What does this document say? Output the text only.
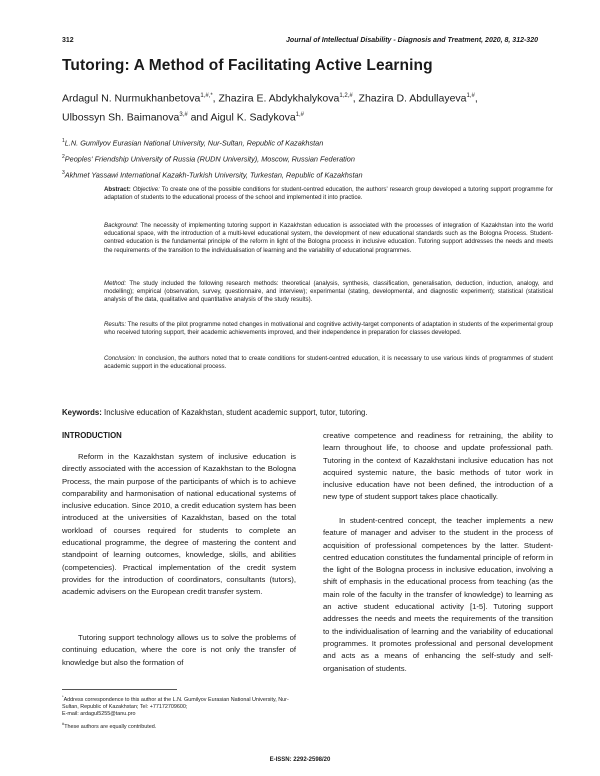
312	Journal of Intellectual Disability - Diagnosis and Treatment, 2020, 8, 312-320
Tutoring: A Method of Facilitating Active Learning
Ardagul N. Nurmukhanbetova$^{1,\#,*}$, Zhazira E. Abdykhalykova$^{1,2,\#}$, Zhazira D. Abdullayeva$^{1,\#}$,
Ulbossyn Sh. Baimanova$^{3,\#}$ and Aigul K. Sadykova$^{1,\#}$
$^1$L.N. Gumilyov Eurasian National University, Nur-Sultan, Republic of Kazakhstan
$^2$Peoples' Friendship University of Russia (RUDN University), Moscow, Russian Federation
$^3$Akhmet Yassawi International Kazakh-Turkish University, Turkestan, Republic of Kazakhstan
Abstract: Objective: To create one of the possible conditions for student-centred education, the authors' research group developed a tutoring support programme for adaptation of students to the educational process of the school and implemented it into practice.
Background: The necessity of implementing tutoring support in Kazakhstan education is associated with the processes of integration of Kazakhstan into the world educational space, with the introduction of a multi-level educational system, the development of new educational standards such as the Bologna Process. Student-centred education is the fundamental principle of the reform in light of the Bologna process in inclusive education. Tutoring support addresses the needs and meets the requirements of the transition to the individualisation of learning and the variability of educational programmes.
Method: The study included the following research methods: theoretical (analysis, synthesis, classification, generalisation, deduction, induction, analogy, and modelling); empirical (observation, survey, questionnaire, and interview); experimental (stating, developmental, and diagnostic experiment); statistical (statistical analysis of the data, qualitative and quantitative analysis of the study results).
Results: The results of the pilot programme noted changes in motivational and cognitive activity-target components of adaptation in students of the experimental group who received tutoring support, their academic achievements improved, and their independence in preparation for classes developed.
Conclusion: In conclusion, the authors noted that to create conditions for student-centred education, it is necessary to use various kinds of programmes of student academic support in the educational process.
Keywords: Inclusive education of Kazakhstan, student academic support, tutor, tutoring.
INTRODUCTION
Reform in the Kazakhstan system of inclusive education is directly associated with the accession of Kazakhstan to the Bologna Process, the main purpose of the participants of which is to achieve comparability and harmonisation of national educational systems of inclusive education. Since 2010, a credit education system has been introduced at the universities of Kazakhstan, based on the total workload of courses required for students to complete an educational programme, the degree of mastering the content and standpoint of learning outcomes, knowledge, skills, and abilities (competencies). Practical implementation of the credit system provides for the introduction of coordinators, consultants (tutors), academic advisers on the European credit transfer system.
Tutoring support technology allows us to solve the problems of continuing education, where the core is not only the transfer of knowledge but also the formation of
creative competence and readiness for retraining, the ability to learn throughout life, to choose and update professional path. Tutoring in the context of Kazakhstani inclusive education has not acquired systemic nature, the basic methods of tutor work in inclusive education have not been defined, the introduction of a new type of student support takes place chaotically.
In student-centred concept, the teacher implements a new feature of manager and adviser to the student in the process of acquisition of professional competences by the latter. Student-centred education constitutes the fundamental principle of reform in the light of the Bologna process in inclusive education, involving a shift of emphasis in the educational process from teaching (as the main role of the faculty in the transfer of knowledge) to learning as an active student educational activity [1-5]. Tutoring support addresses the needs and meets the requirements of the transition to the individualisation of learning and the variability of educational programmes. It promotes professional and personal development and acts as a means of enhancing the self-study and self-organisation of students.
*Address correspondence to this author at the L.N. Gumilyov Eurasian National University, Nur-Sultan, Republic of Kazakhstan; Tel: +77172709600;
E-mail: ardagul5255@tanu.pro
#These authors are equally contributed.
E-ISSN: 2292-2598/20
